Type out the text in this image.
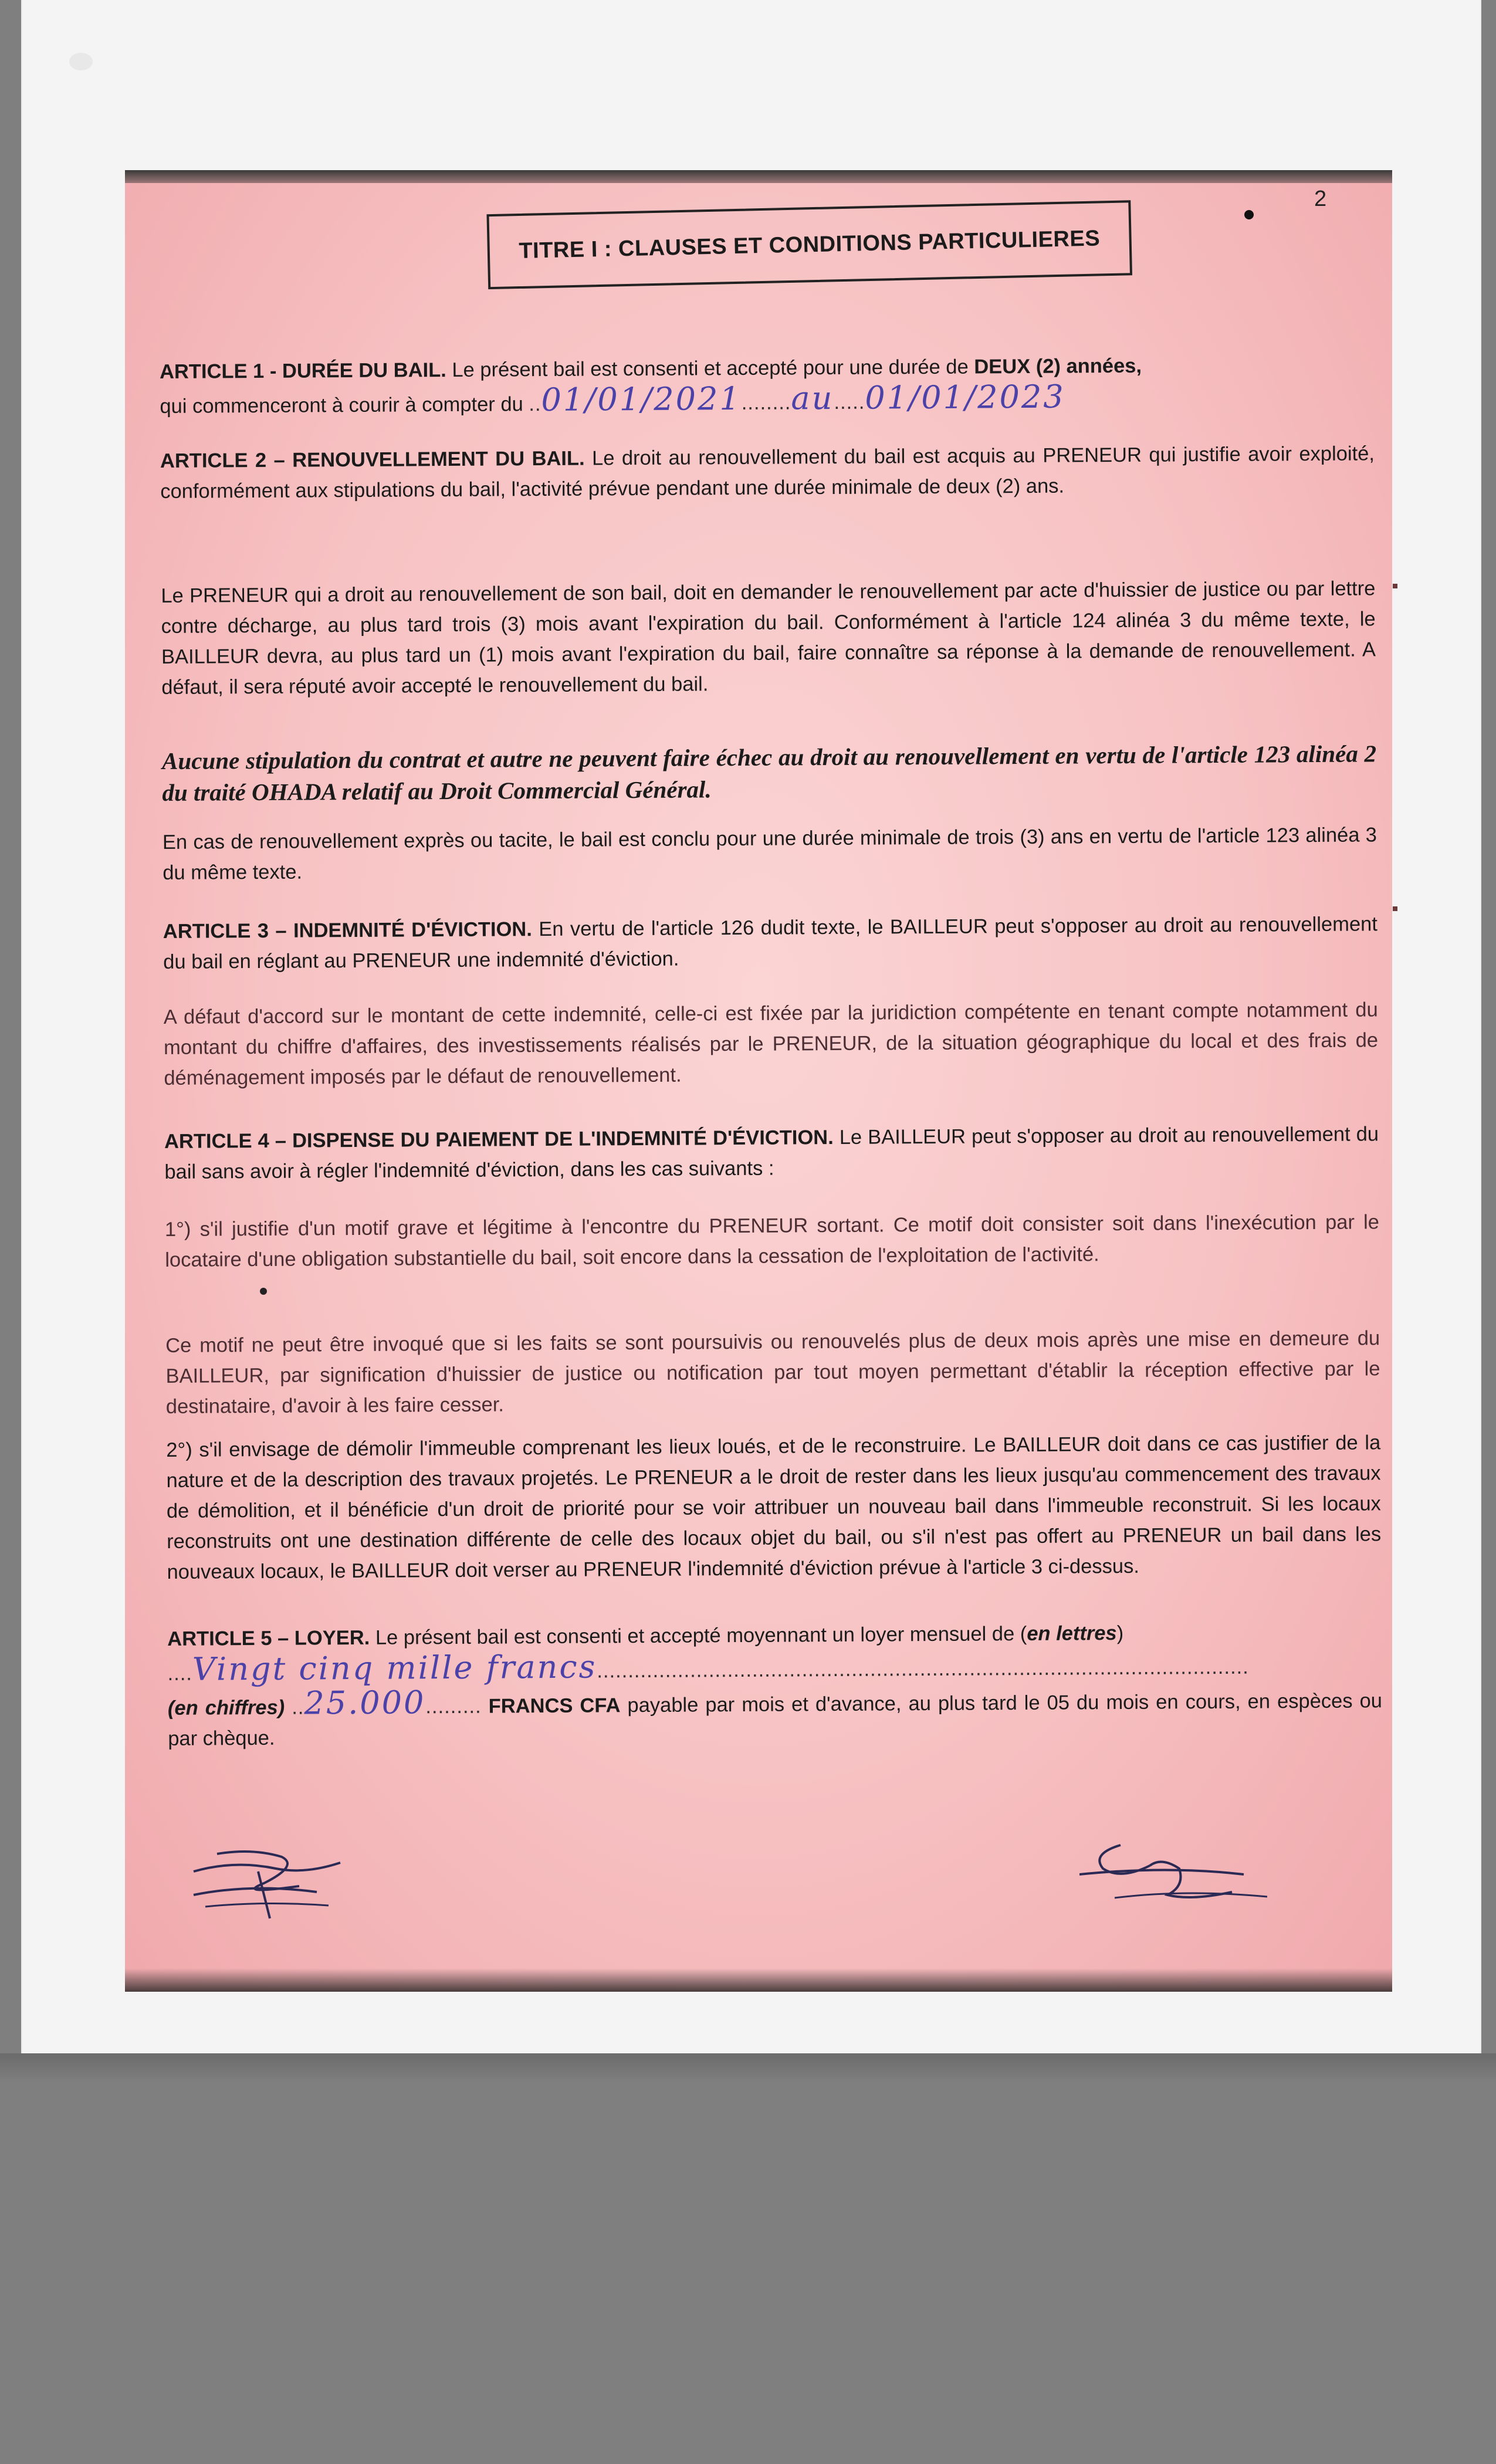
2
TITRE I : CLAUSES ET CONDITIONS PARTICULIERES
ARTICLE 1 - DURÉE DU BAIL. Le présent bail est consenti et accepté pour une durée de DEUX (2) années,
qui commenceront à courir à compter du ..01/01/2021........au.....01/01/2023
ARTICLE 2 – RENOUVELLEMENT DU BAIL. Le droit au renouvellement du bail est acquis au PRENEUR qui justifie avoir exploité, conformément aux stipulations du bail, l'activité prévue pendant une durée minimale de deux (2) ans.
Le PRENEUR qui a droit au renouvellement de son bail, doit en demander le renouvellement par acte d'huissier de justice ou par lettre contre décharge, au plus tard trois (3) mois avant l'expiration du bail. Conformément à l'article 124 alinéa 3 du même texte, le BAILLEUR devra, au plus tard un (1) mois avant l'expiration du bail, faire connaître sa réponse à la demande de renouvellement. A défaut, il sera réputé avoir accepté le renouvellement du bail.
Aucune stipulation du contrat et autre ne peuvent faire échec au droit au renouvellement en vertu de l'article 123 alinéa 2 du traité OHADA relatif au Droit Commercial Général.
En cas de renouvellement exprès ou tacite, le bail est conclu pour une durée minimale de trois (3) ans en vertu de l'article 123 alinéa 3 du même texte.
ARTICLE 3 – INDEMNITÉ D'ÉVICTION. En vertu de l'article 126 dudit texte, le BAILLEUR peut s'opposer au droit au renouvellement du bail en réglant au PRENEUR une indemnité d'éviction.
A défaut d'accord sur le montant de cette indemnité, celle-ci est fixée par la juridiction compétente en tenant compte notamment du montant du chiffre d'affaires, des investissements réalisés par le PRENEUR, de la situation géographique du local et des frais de déménagement imposés par le défaut de renouvellement.
ARTICLE 4 – DISPENSE DU PAIEMENT DE L'INDEMNITÉ D'ÉVICTION. Le BAILLEUR peut s'opposer au droit au renouvellement du bail sans avoir à régler l'indemnité d'éviction, dans les cas suivants :
1°) s'il justifie d'un motif grave et légitime à l'encontre du PRENEUR sortant. Ce motif doit consister soit dans l'inexécution par le locataire d'une obligation substantielle du bail, soit encore dans la cessation de l'exploitation de l'activité.
Ce motif ne peut être invoqué que si les faits se sont poursuivis ou renouvelés plus de deux mois après une mise en demeure du BAILLEUR, par signification d'huissier de justice ou notification par tout moyen permettant d'établir la réception effective par le destinataire, d'avoir à les faire cesser.
2°) s'il envisage de démolir l'immeuble comprenant les lieux loués, et de le reconstruire. Le BAILLEUR doit dans ce cas justifier de la nature et de la description des travaux projetés. Le PRENEUR a le droit de rester dans les lieux jusqu'au commencement des travaux de démolition, et il bénéficie d'un droit de priorité pour se voir attribuer un nouveau bail dans l'immeuble reconstruit. Si les locaux reconstruits ont une destination différente de celle des locaux objet du bail, ou s'il n'est pas offert au PRENEUR un bail dans les nouveaux locaux, le BAILLEUR doit verser au PRENEUR l'indemnité d'éviction prévue à l'article 3 ci-dessus.
ARTICLE 5 – LOYER. Le présent bail est consenti et accepté moyennant un loyer mensuel de (en lettres)
....Vingt cinq mille francs.........................................................................................................
(en chiffres) ..25.000......... FRANCS CFA payable par mois et d'avance, au plus tard le 05 du mois en cours, en espèces ou par chèque.
